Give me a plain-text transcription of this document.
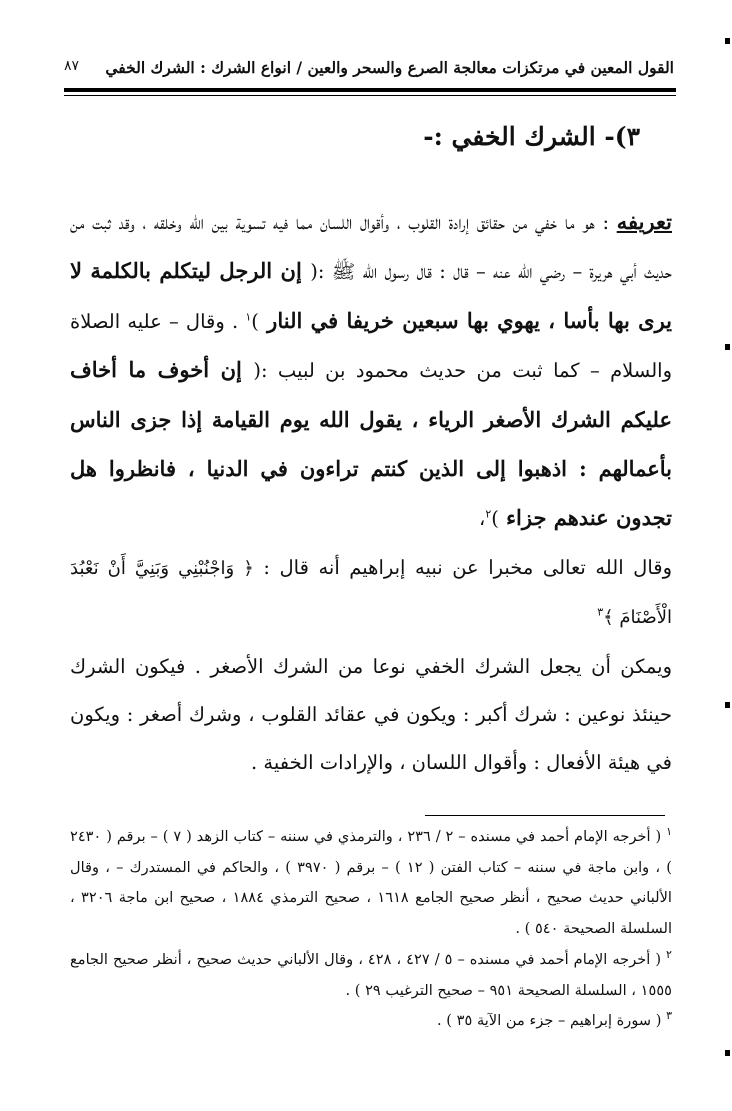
القول المعين في مرتكزات معالجة الصرع والسحر والعين / انواع الشرك : الشرك الخفي
٨٧
٣)- الشرك الخفي :-

تعريفه : هو ما خفي من حقائق إرادة القلوب ، وأقوال اللسان مما فيه تسوية بين الله وخلقه ، وقد ثبت من حديث أبي هريرة – رضي الله عنه – قال : قال رسول الله ﷺ :( إن الرجل ليتكلم بالكلمة لا يرى بها بأسا ، يهوي بها سبعين خريفا في النار )$^١$ . وقال – عليه الصلاة والسلام – كما ثبت من حديث محمود بن لبيب :( إن أخوف ما أخاف عليكم الشرك الأصغر الرياء ، يقول الله يوم القيامة إذا جزى الناس بأعمالهم : اذهبوا إلى الذين كنتم تراءون في الدنيا ، فانظروا هل تجدون عندهم جزاء )$^٢$،

وقال الله تعالى مخبرا عن نبيه إبراهيم أنه قال : ﴿ وَاجْنُبْنِي وَبَنِيَّ أَنْ نَعْبُدَ الْأَصْنَامَ ﴾$^٣$

ويمكن أن يجعل الشرك الخفي نوعا من الشرك الأصغر . فيكون الشرك حينئذ نوعين : شرك أكبر : ويكون في عقائد القلوب ، وشرك أصغر : ويكون في هيئة الأفعال : وأقوال اللسان ، والإرادات الخفية .

$^١$ ( أخرجه الإمام أحمد في مسنده – ٢ / ٢٣٦ ، والترمذي في سننه – كتاب الزهد ( ٧ ) – برقم ( ٢٤٣٠ ) ، وابن ماجة في سننه – كتاب الفتن ( ١٢ ) – برقم ( ٣٩٧٠ ) ، والحاكم في المستدرك – ، وقال الألباني حديث صحيح ، أنظر صحيح الجامع ١٦١٨ ، صحيح الترمذي ١٨٨٤ ، صحيح ابن ماجة ٣٢٠٦ ، السلسلة الصحيحة ٥٤٠ ) .

$^٢$ ( أخرجه الإمام أحمد في مسنده – ٥ / ٤٢٧ ، ٤٢٨ ، وقال الألباني حديث صحيح ، أنظر صحيح الجامع ١٥٥٥ ، السلسلة الصحيحة ٩٥١ – صحيح الترغيب ٢٩ ) .

$^٣$ ( سورة إبراهيم – جزء من الآية ٣٥ ) .
